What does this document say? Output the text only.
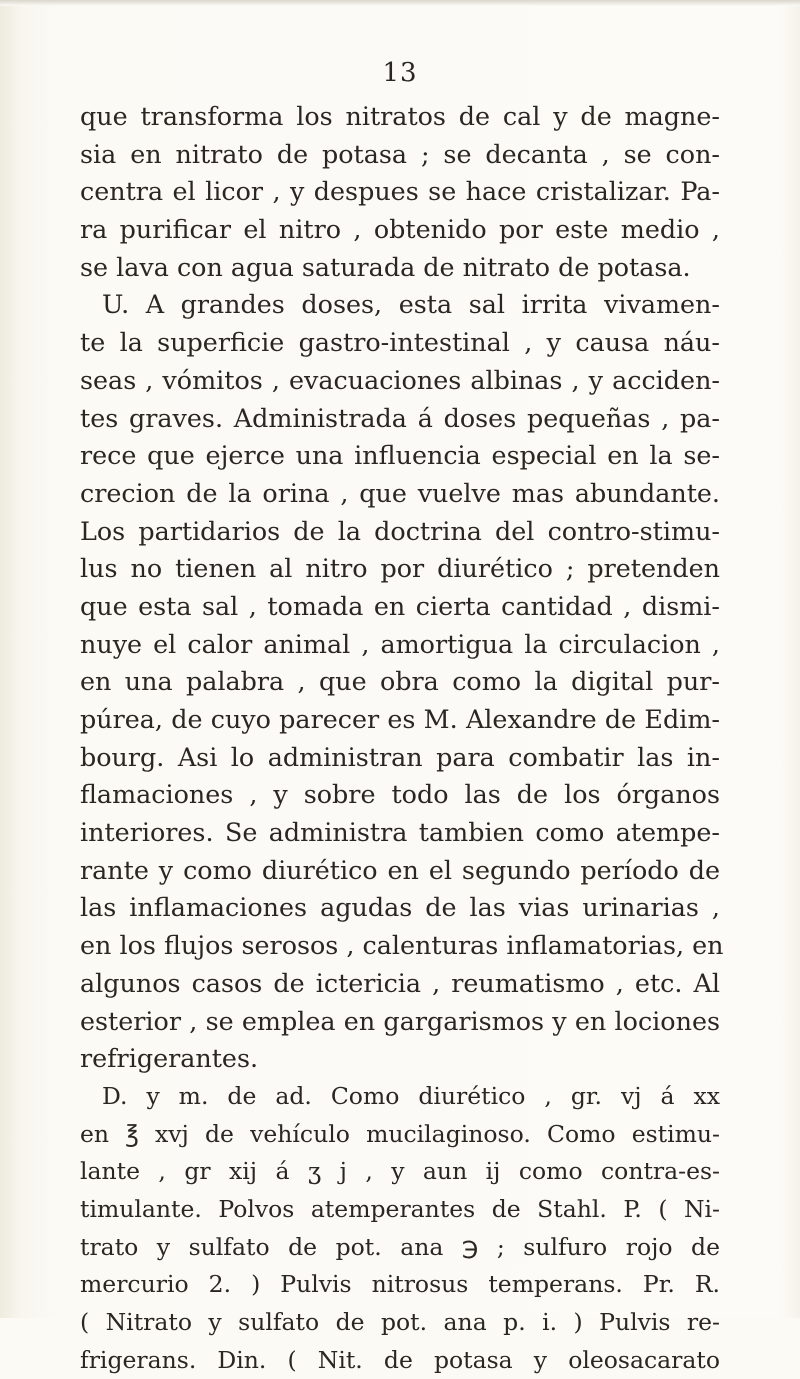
13
que transforma los nitratos de cal y de magne-
sia en nitrato de potasa ; se decanta , se con-
centra el licor , y despues se hace cristalizar. Pa-
ra purificar el nitro , obtenido por este medio ,
se lava con agua saturada de nitrato de potasa.
U. A grandes doses, esta sal irrita vivamen-
te la superficie gastro-intestinal , y causa náu-
seas , vómitos , evacuaciones albinas , y acciden-
tes graves. Administrada á doses pequeñas , pa-
rece que ejerce una influencia especial en la se-
crecion de la orina , que vuelve mas abundante.
Los partidarios de la doctrina del contro-stimu-
lus no tienen al nitro por diurético ; pretenden
que esta sal , tomada en cierta cantidad , dismi-
nuye el calor animal , amortigua la circulacion ,
en una palabra , que obra como la digital pur-
púrea, de cuyo parecer es M. Alexandre de Edim-
bourg. Asi lo administran para combatir las in-
flamaciones , y sobre todo las de los órganos
interiores. Se administra tambien como atempe-
rante y como diurético en el segundo período de
las inflamaciones agudas de las vias urinarias ,
en los flujos serosos , calenturas inflamatorias, en
algunos casos de ictericia , reumatismo , etc. Al
esterior , se emplea en gargarismos y en lociones
refrigerantes.
D. y m. de ad. Como diurético , gr. vj á xx
en ℥ xvj de vehículo mucilaginoso. Como estimu-
lante , gr xij á ʒ j , y aun ij como contra-es-
timulante. Polvos atemperantes de Stahl. P. ( Ni-
trato y sulfato de pot. ana ℈ ; sulfuro rojo de
mercurio 2. ) Pulvis nitrosus temperans. Pr. R.
( Nitrato y sulfato de pot. ana p. i. ) Pulvis re-
frigerans. Din. ( Nit. de potasa y oleosacarato
